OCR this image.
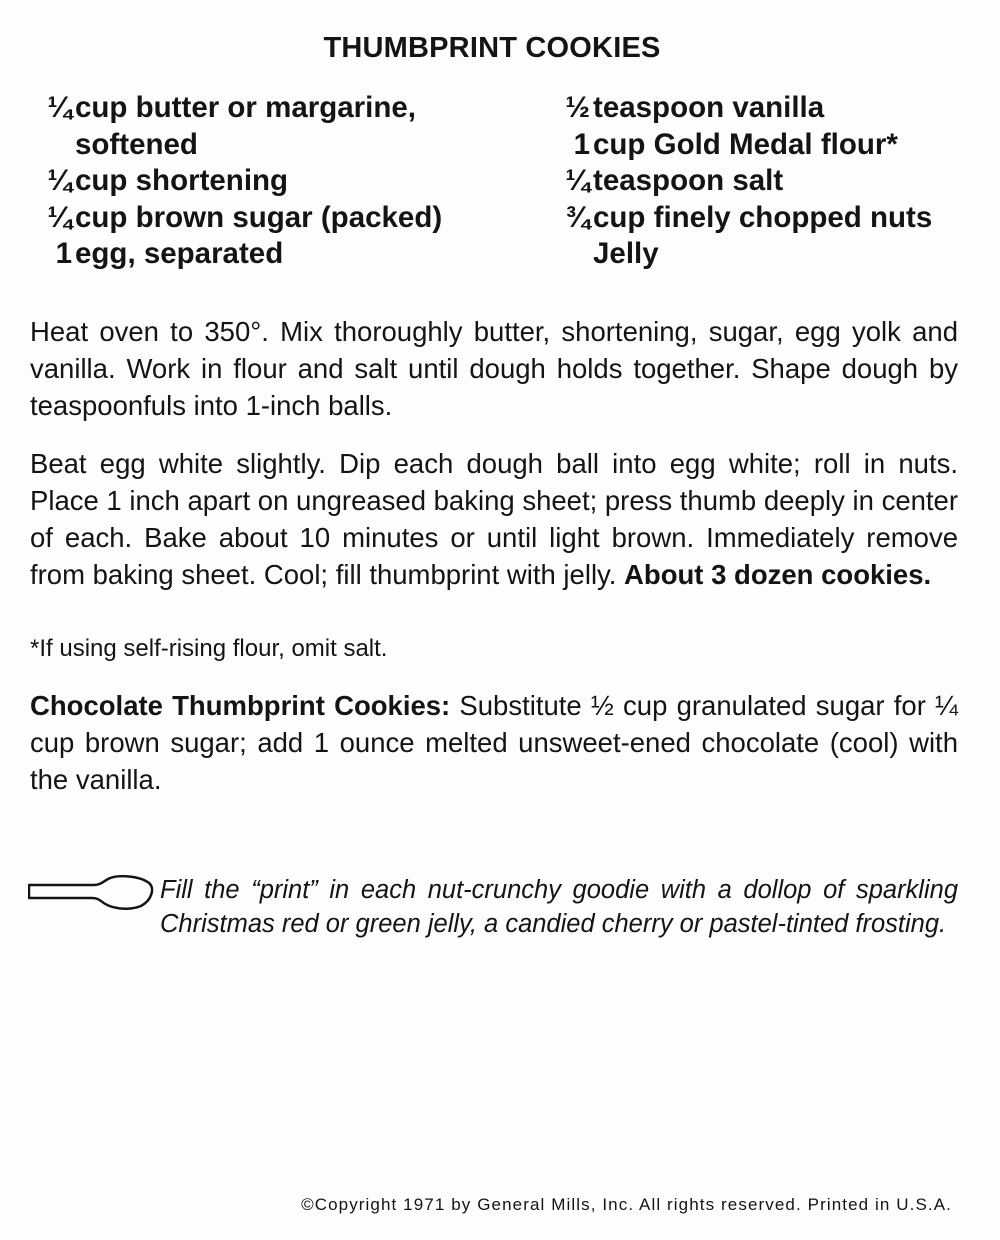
THUMBPRINT COOKIES
¼ cup butter or margarine,
softened
¼ cup shortening
¼ cup brown sugar (packed)
1 egg, separated
½ teaspoon vanilla
1 cup Gold Medal flour*
¼ teaspoon salt
¾ cup finely chopped nuts
Jelly
Heat oven to 350°. Mix thoroughly butter, shortening, sugar, egg yolk and vanilla. Work in flour and salt until dough holds together. Shape dough by teaspoonfuls into 1-inch balls.
Beat egg white slightly. Dip each dough ball into egg white; roll in nuts. Place 1 inch apart on ungreased baking sheet; press thumb deeply in center of each. Bake about 10 minutes or until light brown. Immediately remove from baking sheet. Cool; fill thumbprint with jelly. About 3 dozen cookies.
*If using self-rising flour, omit salt.
Chocolate Thumbprint Cookies: Substitute ½ cup granulated sugar for ¼ cup brown sugar; add 1 ounce melted unsweet-ened chocolate (cool) with the vanilla.
Fill the “print” in each nut-crunchy goodie with a dollop of sparkling Christmas red or green jelly, a candied cherry or pastel-tinted frosting.
©Copyright 1971 by General Mills, Inc. All rights reserved. Printed in U.S.A.
